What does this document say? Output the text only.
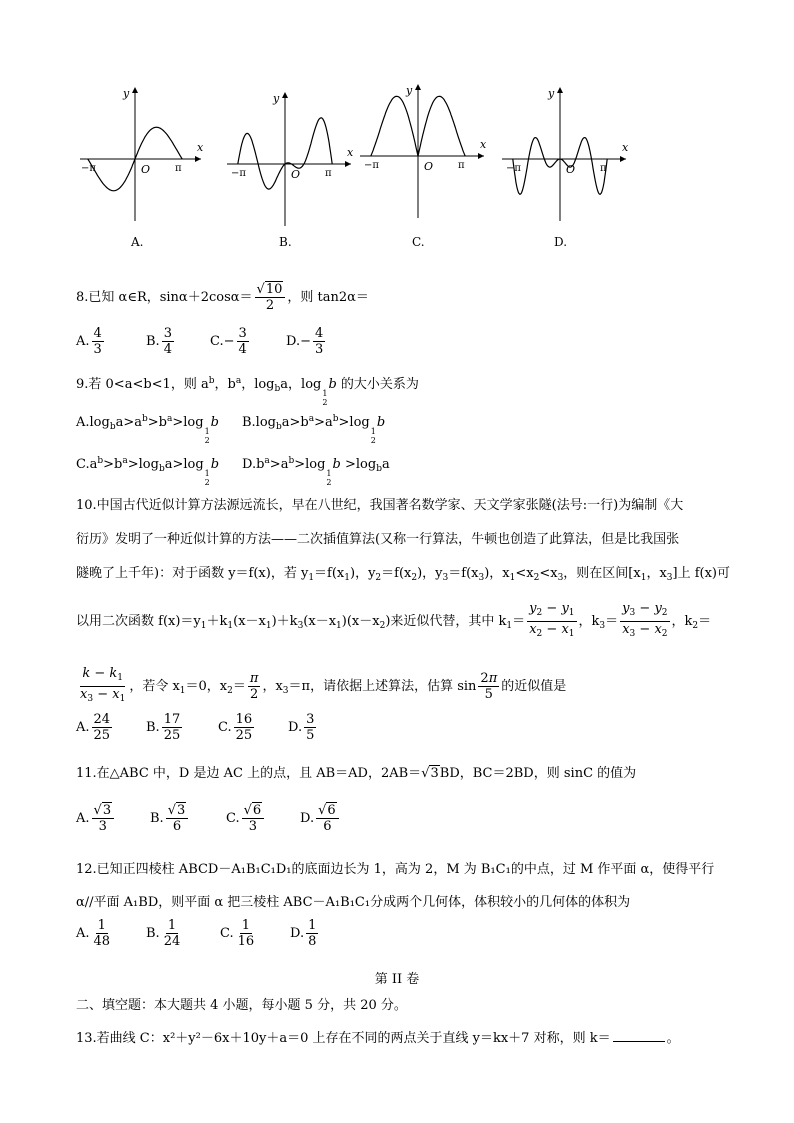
y
x
O
−π	π
A.
y
x
O
−π	π
B.
y
x
O
−π	π
C.
y
x
O
−π	π
D.
8.已知 α∈R，$\sin\alpha+2\cos\alpha= \frac{√10}{2}$ ，则 tan2α＝
A. $\frac{4}{3}$	B. $\frac{3}{4}$	$C.- \frac{3}{4}$	$D.- \frac{4}{3}$
9.若 0<a<b<1，则 $a^b$，$b^a$，$\log_ba$，log
1
2
b 的大小关系为
$A.\log_ba>a^b>b^a>\log$
1
2
b $B.\log_ba>b^a>a^b>\log$
1
2
b
$C.a^b>b^a>\log_ba>\log$
1
2
b $D.b^a>a^b>\log$
1
2
$b >\log_ba$
10.中国古代近似计算方法源远流长，早在八世纪，我国著名数学家、天文学家张隧(法号:一行)为编制《大
衍历》发明了一种近似计算的方法——二次插值算法(又称一行算法，牛顿也创造了此算法，但是比我国张
隧晚了上千年)：对于函数 y＝f(x)，若 $y_1=f(x_1)$，$y_2=f(x_2)$，$y_3=f(x_3)$，$x_1<x_2<x_3$，则在区间[$x_1$，$x_3$]上 f(x)可
以用二次函数 $f(x)=y_1+k_1(x-x_1)+k_3(x-x_1)(x-x_2)$来近似代替，其中 $k_1= \frac{y_2 - y_1}{x_2 - x_1}$ ，$k_3= \frac{y_3 - y_2}{x_3 - x_2}$ ，$k_2=$
$\frac{k - k_1}{x_3 - x_1}$ ，若令 $x_1=0$，$x_2= \frac{\pi}{2}$ ，$x_3=\pi$，请依据上述算法，估算 $\sin \frac{2\pi}{5}$ 的近似值是
A. $\frac{24}{25}$	B. $\frac{17}{25}$	C. $\frac{16}{25}$	D. $\frac{3}{5}$
11.在△ABC 中，D 是边 AC 上的点，且 AB＝AD，2AB＝√3BD，BC＝2BD，则 sinC 的值为
A. $\frac{√3}{3}$	B. $\frac{√3}{6}$	C. $\frac{√6}{3}$	D. $\frac{√6}{6}$
12.已知正四棱柱 ABCD－A₁B₁C₁D₁的底面边长为 1，高为 2，M 为 B₁C₁的中点，过 M 作平面 α，使得平行
α//平面 A₁BD，则平面 α 把三棱柱 ABC－A₁B₁C₁分成两个几何体，体积较小的几何体的体积为
A. $\frac{1}{48}$	B. $\frac{1}{24}$	C. $\frac{1}{16}$	D. $\frac{1}{8}$
第 II 卷
二、填空题：本大题共 4 小题，每小题 5 分，共 20 分。
13.若曲线 C：x²＋y²－6x＋10y＋a＝0 上存在不同的两点关于直线 y＝kx＋7 对称，则 k＝	。
